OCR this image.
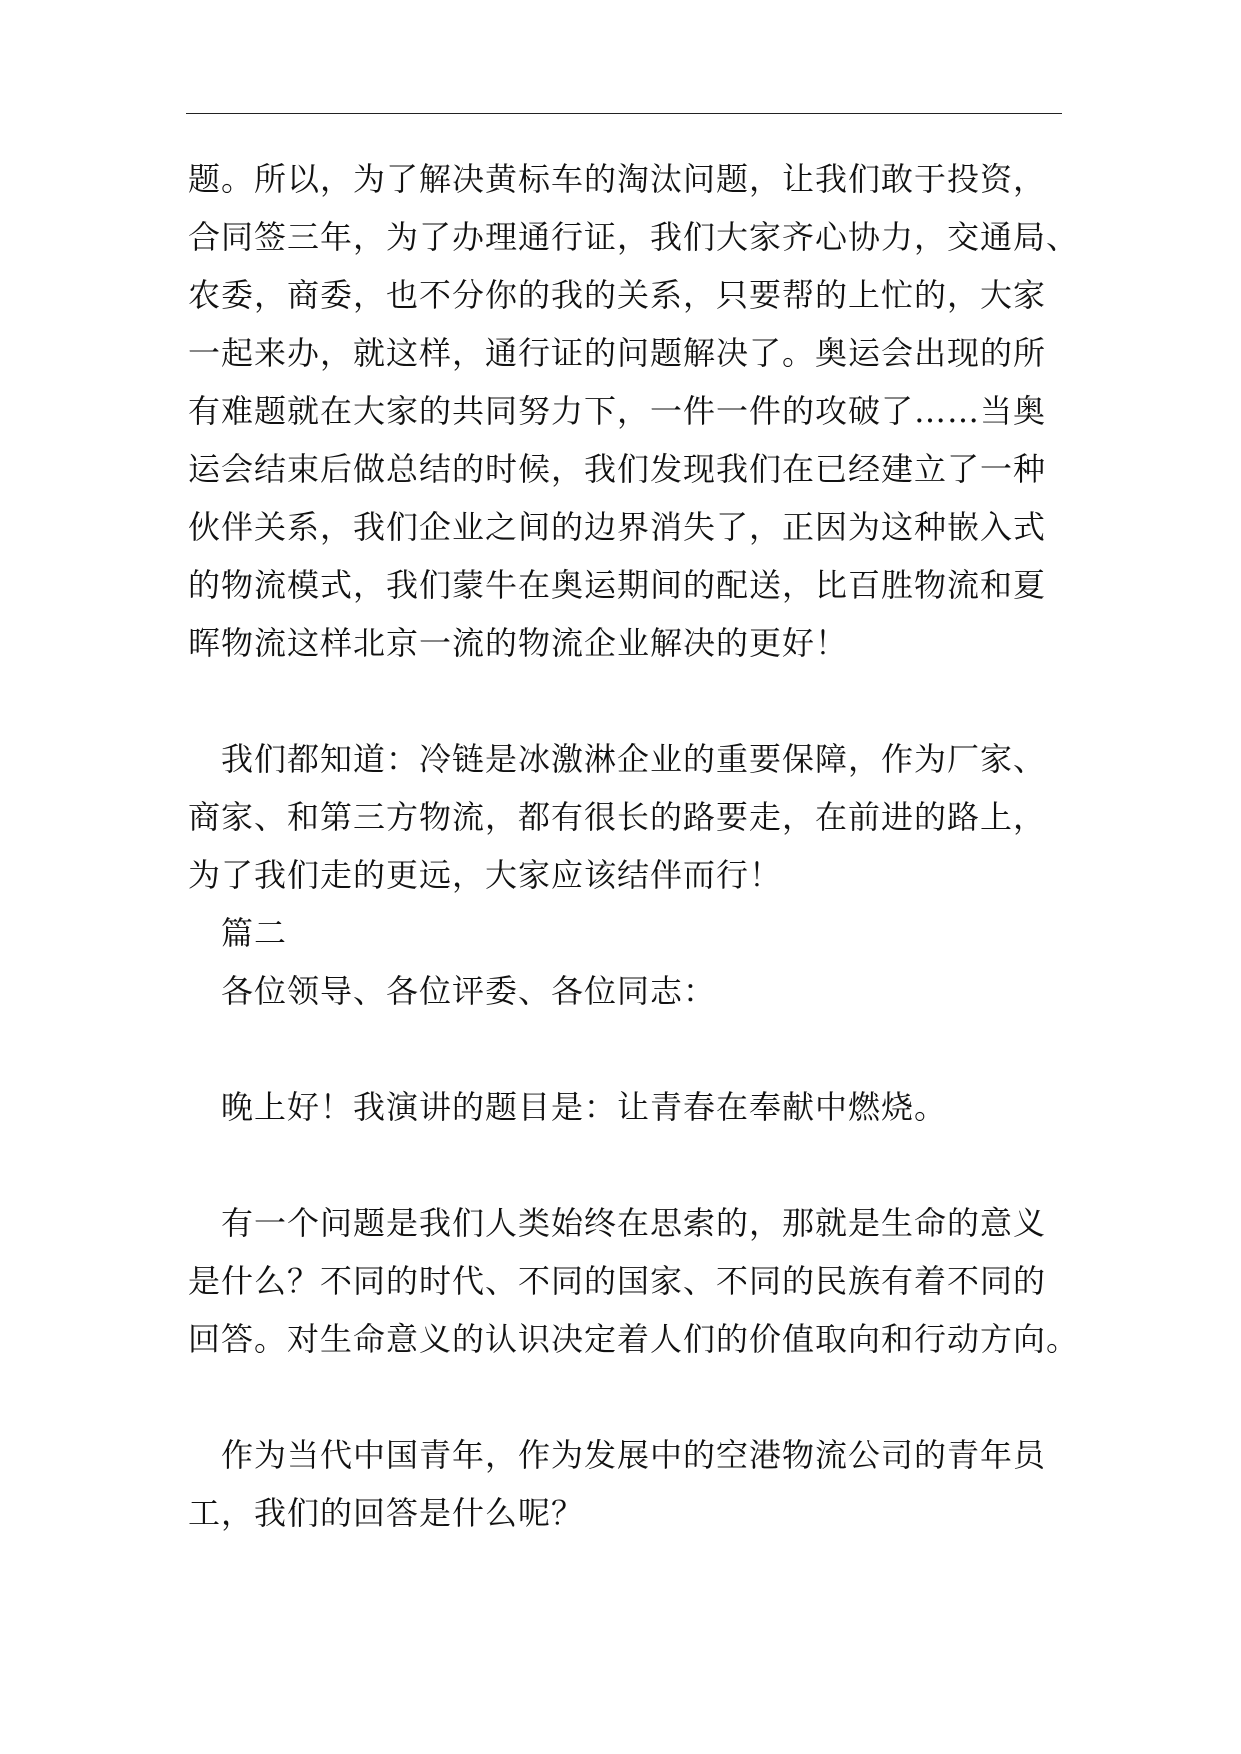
题。所以，为了解决黄标车的淘汰问题，让我们敢于投资，
合同签三年，为了办理通行证，我们大家齐心协力，交通局、
农委，商委，也不分你的我的关系，只要帮的上忙的，大家
一起来办，就这样，通行证的问题解决了。奥运会出现的所
有难题就在大家的共同努力下，一件一件的攻破了……当奥
运会结束后做总结的时候，我们发现我们在已经建立了一种
伙伴关系，我们企业之间的边界消失了，正因为这种嵌入式
的物流模式，我们蒙牛在奥运期间的配送，比百胜物流和夏
晖物流这样北京一流的物流企业解决的更好！
我们都知道：冷链是冰激淋企业的重要保障，作为厂家、
商家、和第三方物流，都有很长的路要走，在前进的路上，
为了我们走的更远，大家应该结伴而行！
篇二
各位领导、各位评委、各位同志：
晚上好！我演讲的题目是：让青春在奉献中燃烧。
有一个问题是我们人类始终在思索的，那就是生命的意义
是什么？不同的时代、不同的国家、不同的民族有着不同的
回答。对生命意义的认识决定着人们的价值取向和行动方向。
作为当代中国青年，作为发展中的空港物流公司的青年员
工，我们的回答是什么呢？
